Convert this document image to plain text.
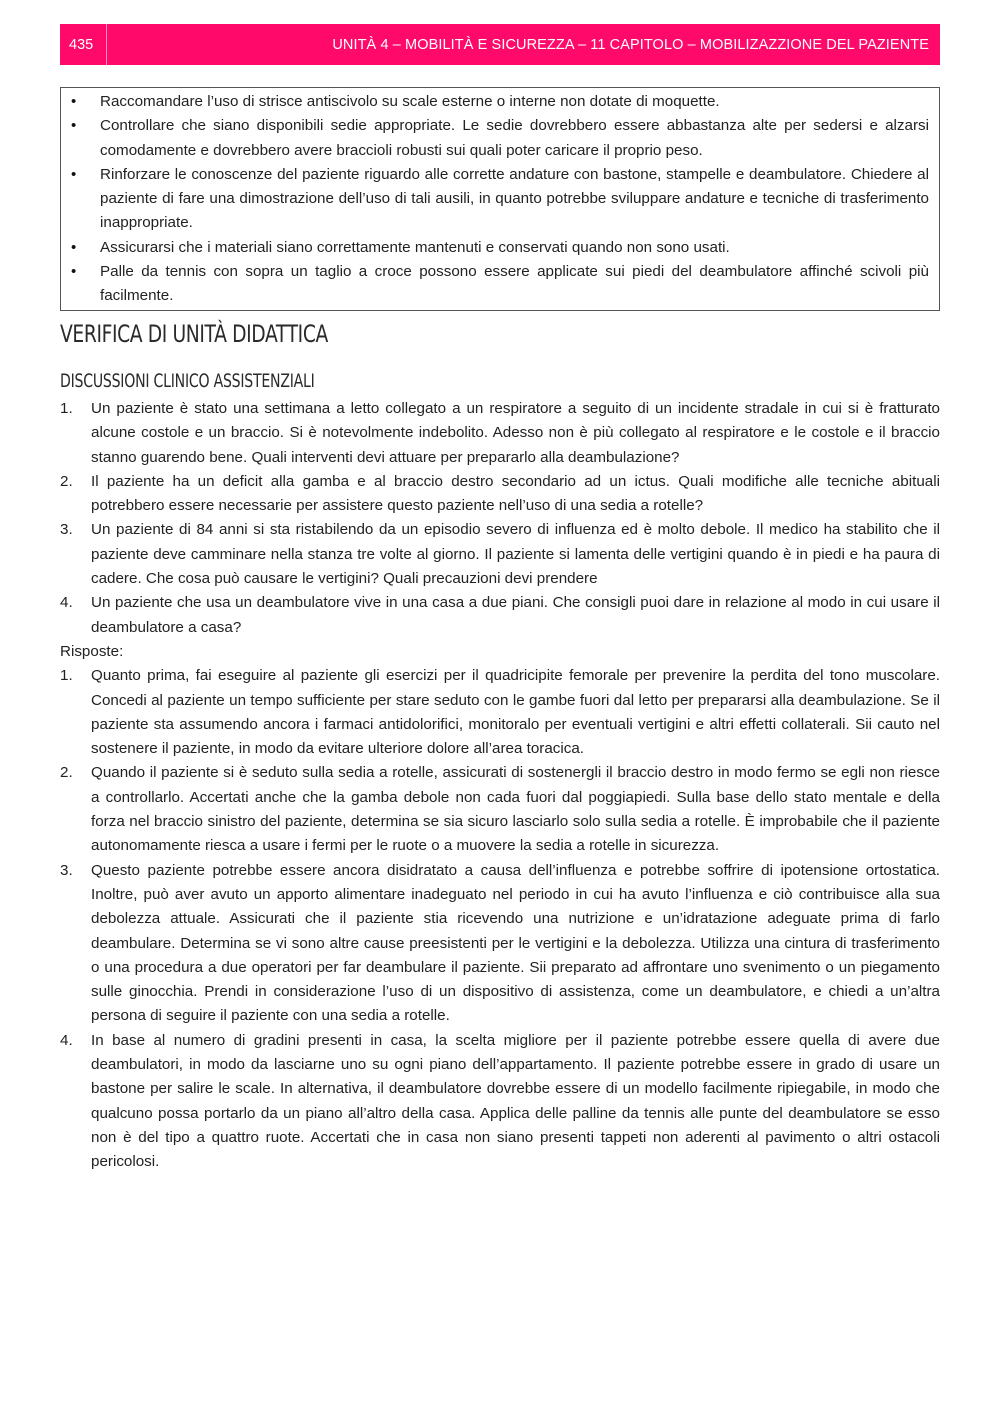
435	UNITÀ 4 – MOBILITÀ E SICUREZZA – 11 CAPITOLO – MOBILIZAZZIONE DEL PAZIENTE
• Raccomandare l’uso di strisce antiscivolo su scale esterne o interne non dotate di moquette.
• Controllare che siano disponibili sedie appropriate. Le sedie dovrebbero essere abbastanza alte per sedersi e alzarsi comodamente e dovrebbero avere braccioli robusti sui quali poter caricare il proprio peso.
• Rinforzare le conoscenze del paziente riguardo alle corrette andature con bastone, stampelle e deambulatore. Chiedere al paziente di fare una dimostrazione dell’uso di tali ausili, in quanto potrebbe sviluppare andature e tecniche di trasferimento inappropriate.
• Assicurarsi che i materiali siano correttamente mantenuti e conservati quando non sono usati.
• Palle da tennis con sopra un taglio a croce possono essere applicate sui piedi del deambulatore affinché scivoli più facilmente.
VERIFICA DI UNITÀ DIDATTICA
DISCUSSIONI CLINICO ASSISTENZIALI
1.	Un paziente è stato una settimana a letto collegato a un respiratore a seguito di un incidente stradale in cui si è fratturato alcune costole e un braccio. Si è notevolmente indebolito. Adesso non è più collegato al respiratore e le costole e il braccio stanno guarendo bene. Quali interventi devi attuare per prepararlo alla deambulazione?
2.	Il paziente ha un deficit alla gamba e al braccio destro secondario ad un ictus. Quali modifiche alle tecniche abituali potrebbero essere necessarie per assistere questo paziente nell’uso di una sedia a rotelle?
3.	Un paziente di 84 anni si sta ristabilendo da un episodio severo di influenza ed è molto debole. Il medico ha stabilito che il paziente deve camminare nella stanza tre volte al giorno. Il paziente si lamenta delle vertigini quando è in piedi e ha paura di cadere. Che cosa può causare le vertigini? Quali precauzioni devi prendere
4.	Un paziente che usa un deambulatore vive in una casa a due piani. Che consigli puoi dare in relazione al modo in cui usare il deambulatore a casa?

Risposte:

1.	Quanto prima, fai eseguire al paziente gli esercizi per il quadricipite femorale per prevenire la perdita del tono muscolare. Concedi al paziente un tempo sufficiente per stare seduto con le gambe fuori dal letto per prepararsi alla deambulazione. Se il paziente sta assumendo ancora i farmaci antidolorifici, monitoralo per eventuali vertigini e altri effetti collaterali. Sii cauto nel sostenere il paziente, in modo da evitare ulteriore dolore all’area toracica.
2.	Quando il paziente si è seduto sulla sedia a rotelle, assicurati di sostenergli il braccio destro in modo fermo se egli non riesce a controllarlo. Accertati anche che la gamba debole non cada fuori dal poggiapiedi. Sulla base dello stato mentale e della forza nel braccio sinistro del paziente, determina se sia sicuro lasciarlo solo sulla sedia a rotelle. È improbabile che il paziente autonomamente riesca a usare i fermi per le ruote o a muovere la sedia a rotelle in sicurezza.
3.	Questo paziente potrebbe essere ancora disidratato a causa dell’influenza e potrebbe soffrire di ipotensione ortostatica. Inoltre, può aver avuto un apporto alimentare inadeguato nel periodo in cui ha avuto l’influenza e ciò contribuisce alla sua debolezza attuale. Assicurati che il paziente stia ricevendo una nutrizione e un’idratazione adeguate prima di farlo deambulare. Determina se vi sono altre cause preesistenti per le vertigini e la debolezza. Utilizza una cintura di trasferimento o una procedura a due operatori per far deambulare il paziente. Sii preparato ad affrontare uno svenimento o un piegamento sulle ginocchia. Prendi in considerazione l’uso di un dispositivo di assistenza, come un deambulatore, e chiedi a un’altra persona di seguire il paziente con una sedia a rotelle.
4.	In base al numero di gradini presenti in casa, la scelta migliore per il paziente potrebbe essere quella di avere due deambulatori, in modo da lasciarne uno su ogni piano dell’appartamento. Il paziente potrebbe essere in grado di usare un bastone per salire le scale. In alternativa, il deambulatore dovrebbe essere di un modello facilmente ripiegabile, in modo che qualcuno possa portarlo da un piano all’altro della casa. Applica delle palline da tennis alle punte del deambulatore se esso non è del tipo a quattro ruote. Accertati che in casa non siano presenti tappeti non aderenti al pavimento o altri ostacoli pericolosi.
